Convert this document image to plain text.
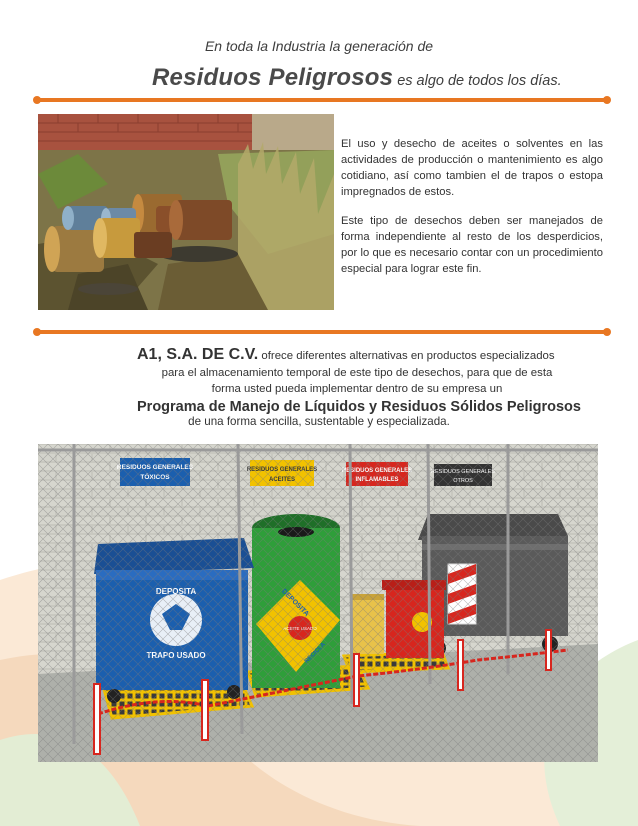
En toda la Industria la generación de
Residuos Peligrosos es algo de todos los días.

El uso y desecho de aceites o solventes en las actividades de producción o mantenimiento es algo cotidiano, así como tambien el de trapos o estopa impregnados de estos.

Este tipo de desechos deben ser manejados de forma independiente al resto de los desperdicios, por lo que es necesario contar con un procedimiento especial para lograr este fin.

A1, S.A. DE C.V. ofrece diferentes alternativas en productos especializados
para el almacenamiento temporal de este tipo de desechos, para que de esta
forma usted pueda implementar dentro de su empresa un
Programa de Manejo de Líquidos y Residuos Sólidos Peligrosos
de una forma sencilla, sustentable y especializada.
